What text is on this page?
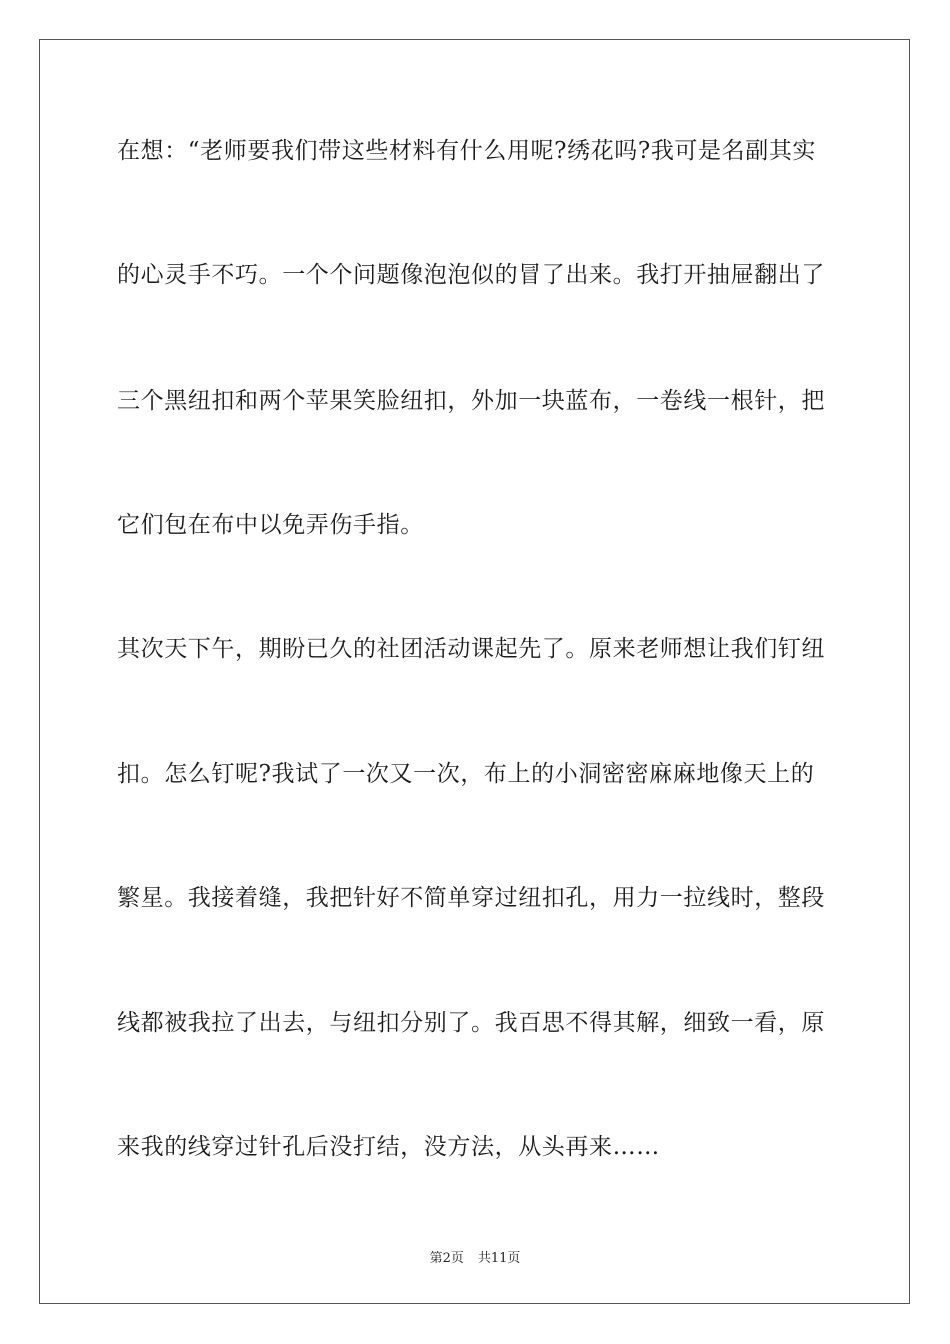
在想：“老师要我们带这些材料有什么用呢?绣花吗?我可是名副其实
的心灵手不巧。一个个问题像泡泡似的冒了出来。我打开抽屉翻出了
三个黑纽扣和两个苹果笑脸纽扣，外加一块蓝布，一卷线一根针，把
它们包在布中以免弄伤手指。
其次天下午，期盼已久的社团活动课起先了。原来老师想让我们钉纽
扣。怎么钉呢?我试了一次又一次，布上的小洞密密麻麻地像天上的
繁星。我接着缝，我把针好不简单穿过纽扣孔，用力一拉线时，整段
线都被我拉了出去，与纽扣分别了。我百思不得其解，细致一看，原
来我的线穿过针孔后没打结，没方法，从头再来……
第2页 共11页
